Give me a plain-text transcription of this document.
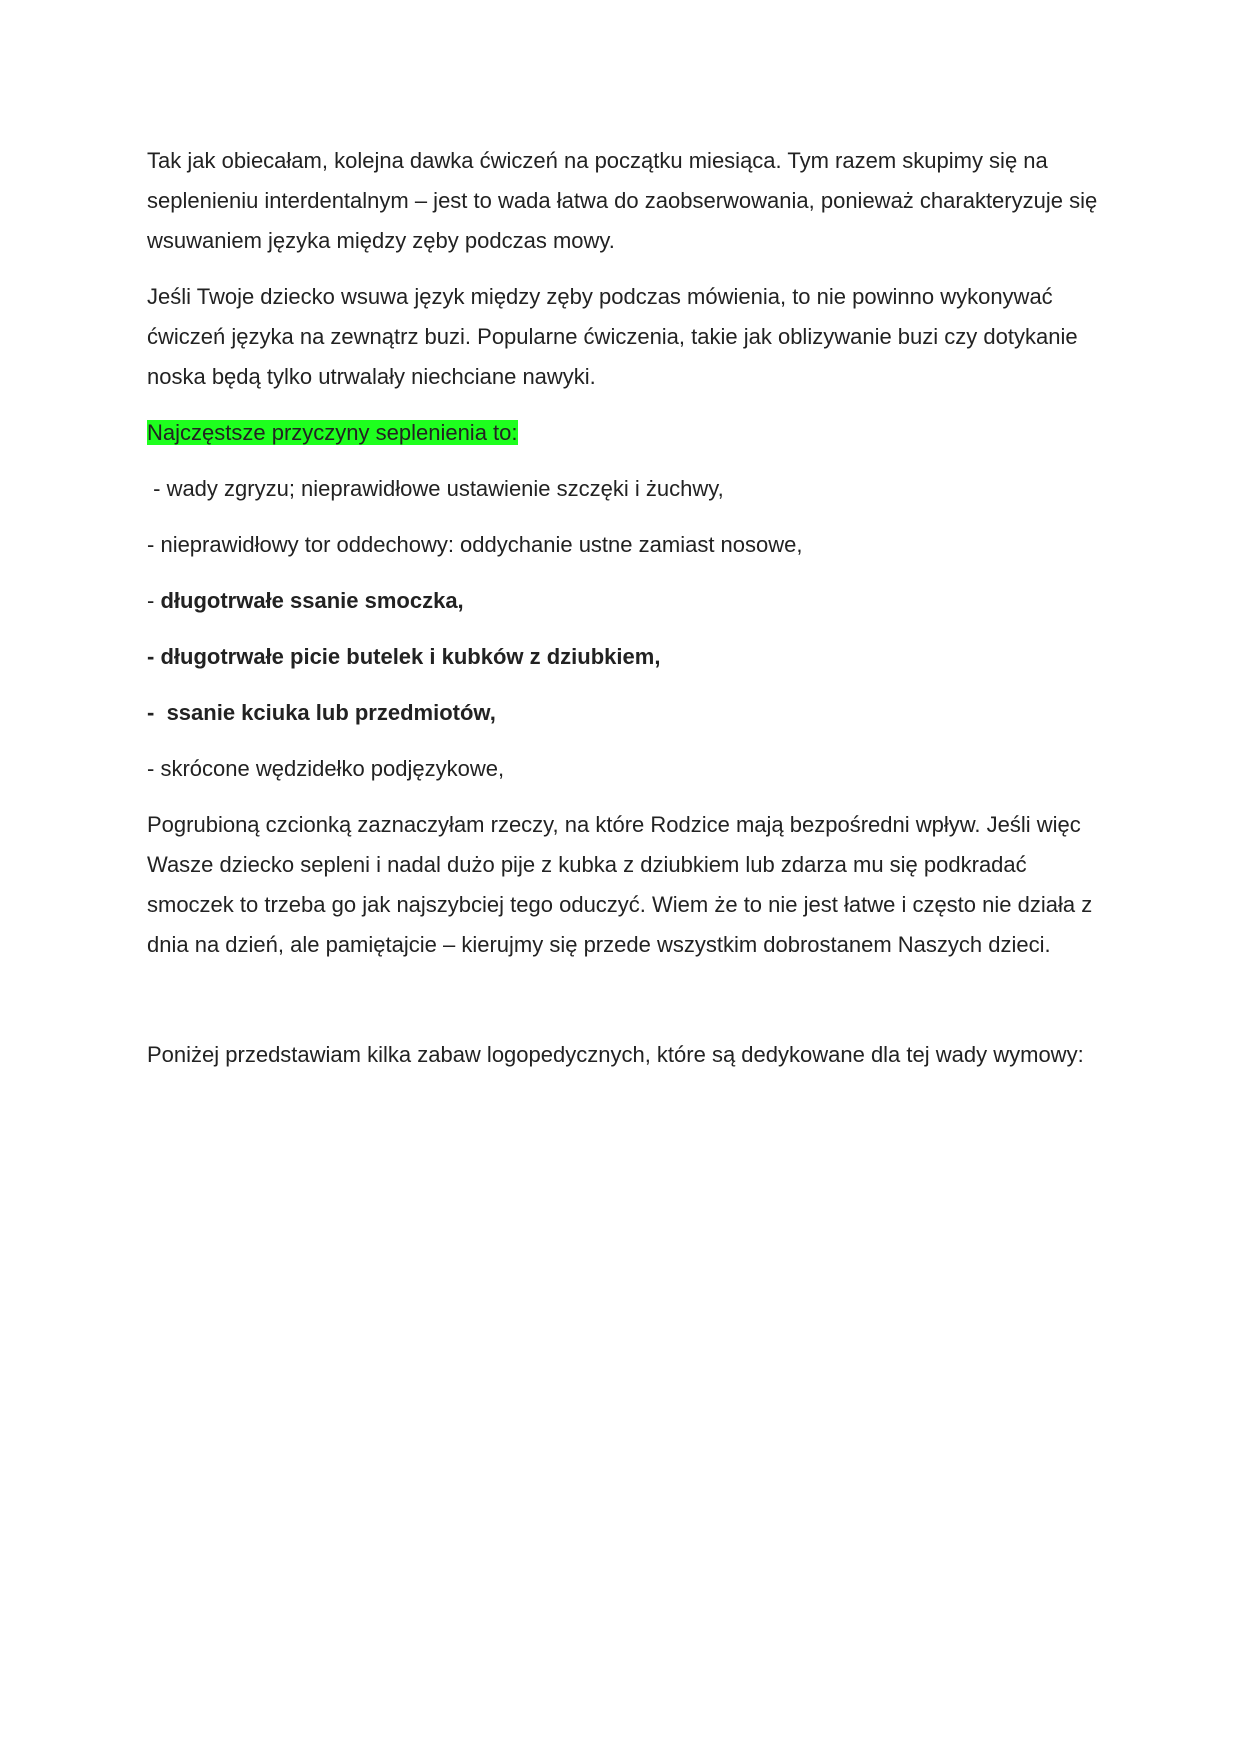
Tak jak obiecałam, kolejna dawka ćwiczeń na początku miesiąca. Tym razem skupimy się na seplenieniu interdentalnym – jest to wada łatwa do zaobserwowania, ponieważ charakteryzuje się wsuwaniem języka między zęby podczas mowy.

Jeśli Twoje dziecko wsuwa język między zęby podczas mówienia, to nie powinno wykonywać ćwiczeń języka na zewnątrz buzi. Popularne ćwiczenia, takie jak oblizywanie buzi czy dotykanie noska będą tylko utrwalały niechciane nawyki.

Najczęstsze przyczyny seplenienia to:

- wady zgryzu; nieprawidłowe ustawienie szczęki i żuchwy,
- nieprawidłowy tor oddechowy: oddychanie ustne zamiast nosowe,
- długotrwałe ssanie smoczka,
- długotrwałe picie butelek i kubków z dziubkiem,
-  ssanie kciuka lub przedmiotów,
- skrócone wędzidełko podjęzykowe,

Pogrubioną czcionką zaznaczyłam rzeczy, na które Rodzice mają bezpośredni wpływ. Jeśli więc Wasze dziecko sepleni i nadal dużo pije z kubka z dziubkiem lub zdarza mu się podkradać smoczek to trzeba go jak najszybciej tego oduczyć. Wiem że to nie jest łatwe i często nie działa z dnia na dzień, ale pamiętajcie – kierujmy się przede wszystkim dobrostanem Naszych dzieci.

Poniżej przedstawiam kilka zabaw logopedycznych, które są dedykowane dla tej wady wymowy:
